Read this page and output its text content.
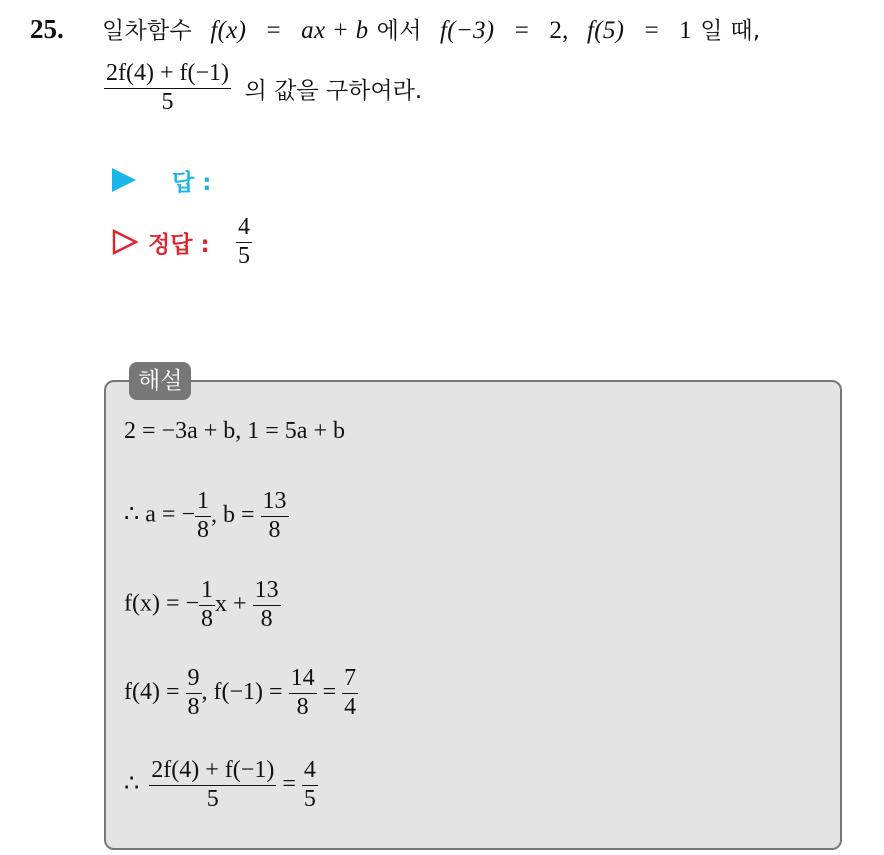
25. 일차함수 f(x) = ax + b 에서 f(−3) = 2, f(5) = 1 일 때,
$\frac{2f(4) + f(-1)}{5}$ 의 값을 구하여라.
답 :
정답 : $\frac{4}{5}$
해설
2 = −3a + b, 1 = 5a + b
∴ a = − $\frac{1}{8}$ , $b = \frac{13}{8}$
f(x) = − $\frac{1}{8}$ $x + \frac{13}{8}$
$f(4) = \frac{9}{8}$ , $f(-1) = \frac{14}{8} = \frac{7}{4}$
∴ $\frac{2f(4) + f(-1)}{5} = \frac{4}{5}$
